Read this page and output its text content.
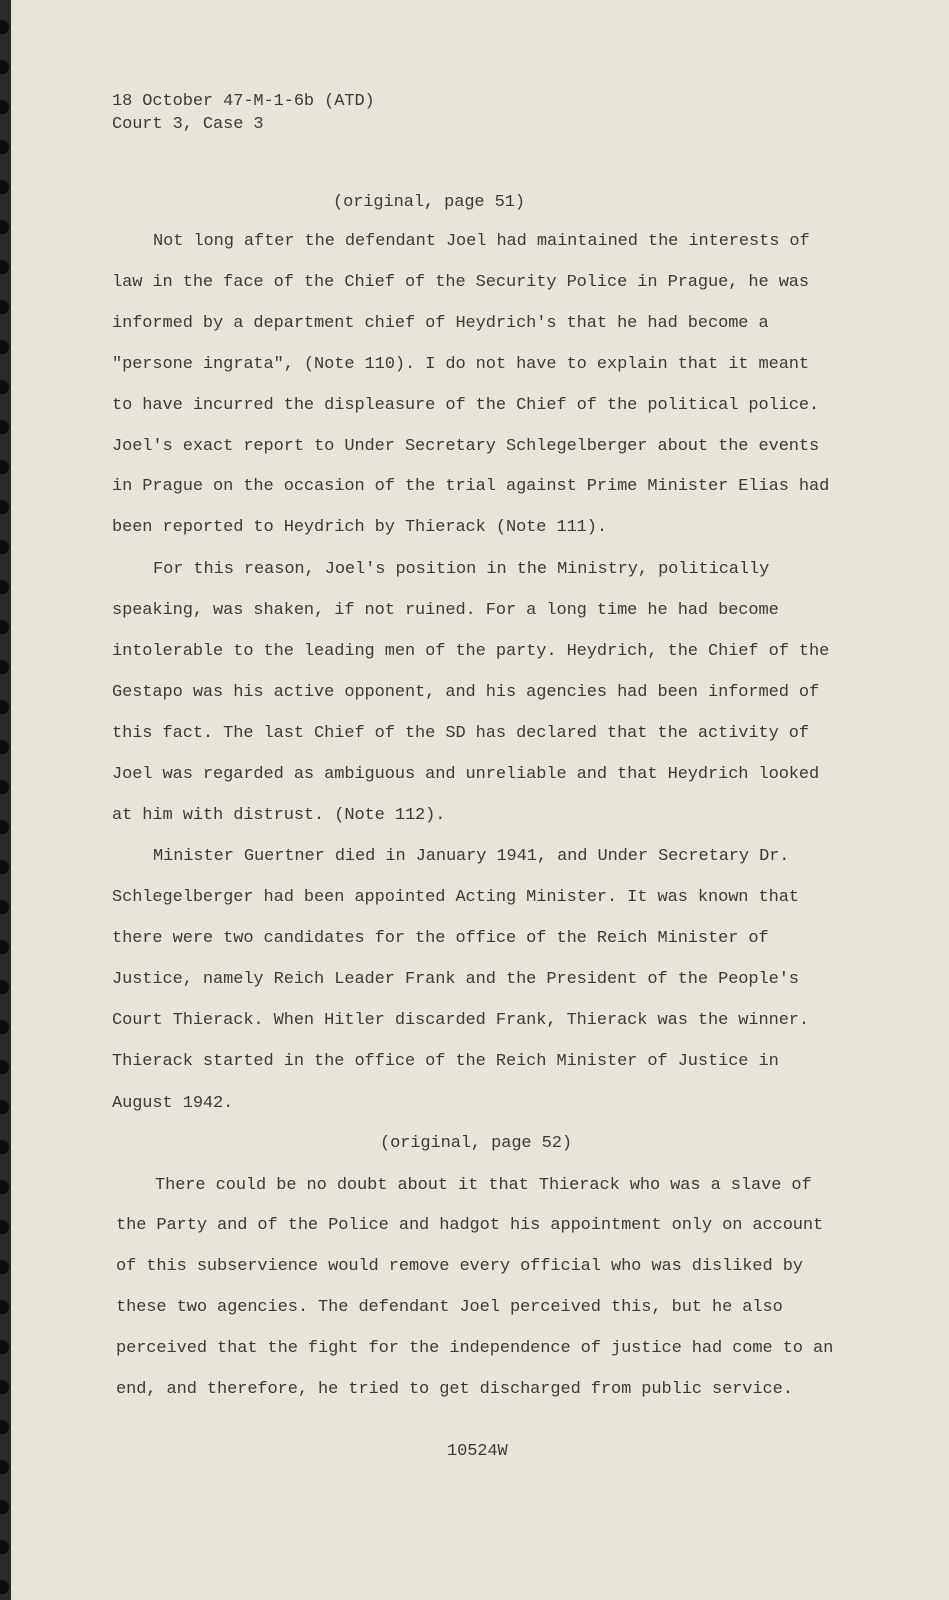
18 October 47-M-1-6b (ATD)
Court 3, Case 3
(original, page 51)
Not long after the defendant Joel had maintained the interests of
law in the face of the Chief of the Security Police in Prague, he was
informed by a department chief of Heydrich's that he had become a
"persone ingrata", (Note 110). I do not have to explain that it meant
to have incurred the displeasure of the Chief of the political police.
Joel's exact report to Under Secretary Schlegelberger about the events
in Prague on the occasion of the trial against Prime Minister Elias had
been reported to Heydrich by Thierack (Note 111).
For this reason, Joel's position in the Ministry, politically
speaking, was shaken, if not ruined. For a long time he had become
intolerable to the leading men of the party. Heydrich, the Chief of the
Gestapo was his active opponent, and his agencies had been informed of
this fact. The last Chief of the SD has declared that the activity of
Joel was regarded as ambiguous and unreliable and that Heydrich looked
at him with distrust. (Note 112).
Minister Guertner died in January 1941, and Under Secretary Dr.
Schlegelberger had been appointed Acting Minister. It was known that
there were two candidates for the office of the Reich Minister of
Justice, namely Reich Leader Frank and the President of the People's
Court Thierack. When Hitler discarded Frank, Thierack was the winner.
Thierack started in the office of the Reich Minister of Justice in
August 1942.
(original, page 52)
There could be no doubt about it that Thierack who was a slave of
the Party and of the Police and hadgot his appointment only on account
of this subservience would remove every official who was disliked by
these two agencies. The defendant Joel perceived this, but he also
perceived that the fight for the independence of justice had come to an
end, and therefore, he tried to get discharged from public service.
10524W
